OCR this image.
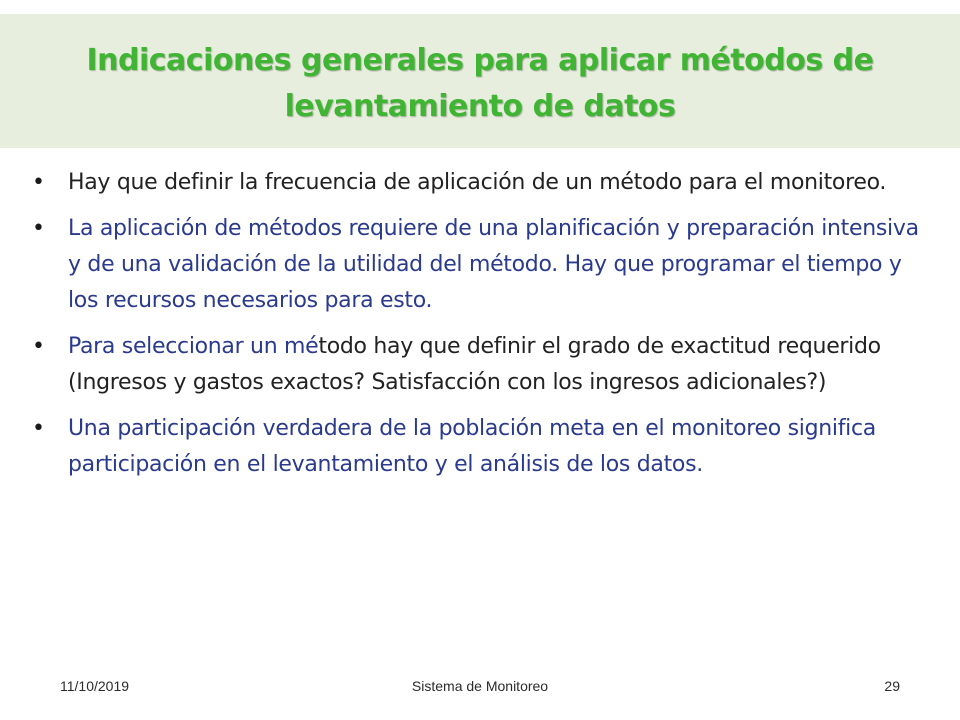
Indicaciones generales para aplicar métodos de levantamiento de datos
• Hay que definir la frecuencia de aplicación de un método para el monitoreo.
• La aplicación de métodos requiere de una planificación y preparación intensiva y de una validación de la utilidad del método. Hay que programar el tiempo y los recursos necesarios para esto.
• Para seleccionar un método hay que definir el grado de exactitud requerido (Ingresos y gastos exactos? Satisfacción con los ingresos adicionales?)
• Una participación verdadera de la población meta en el monitoreo significa participación en el levantamiento y el análisis de los datos.
11/10/2019	Sistema de Monitoreo	29
